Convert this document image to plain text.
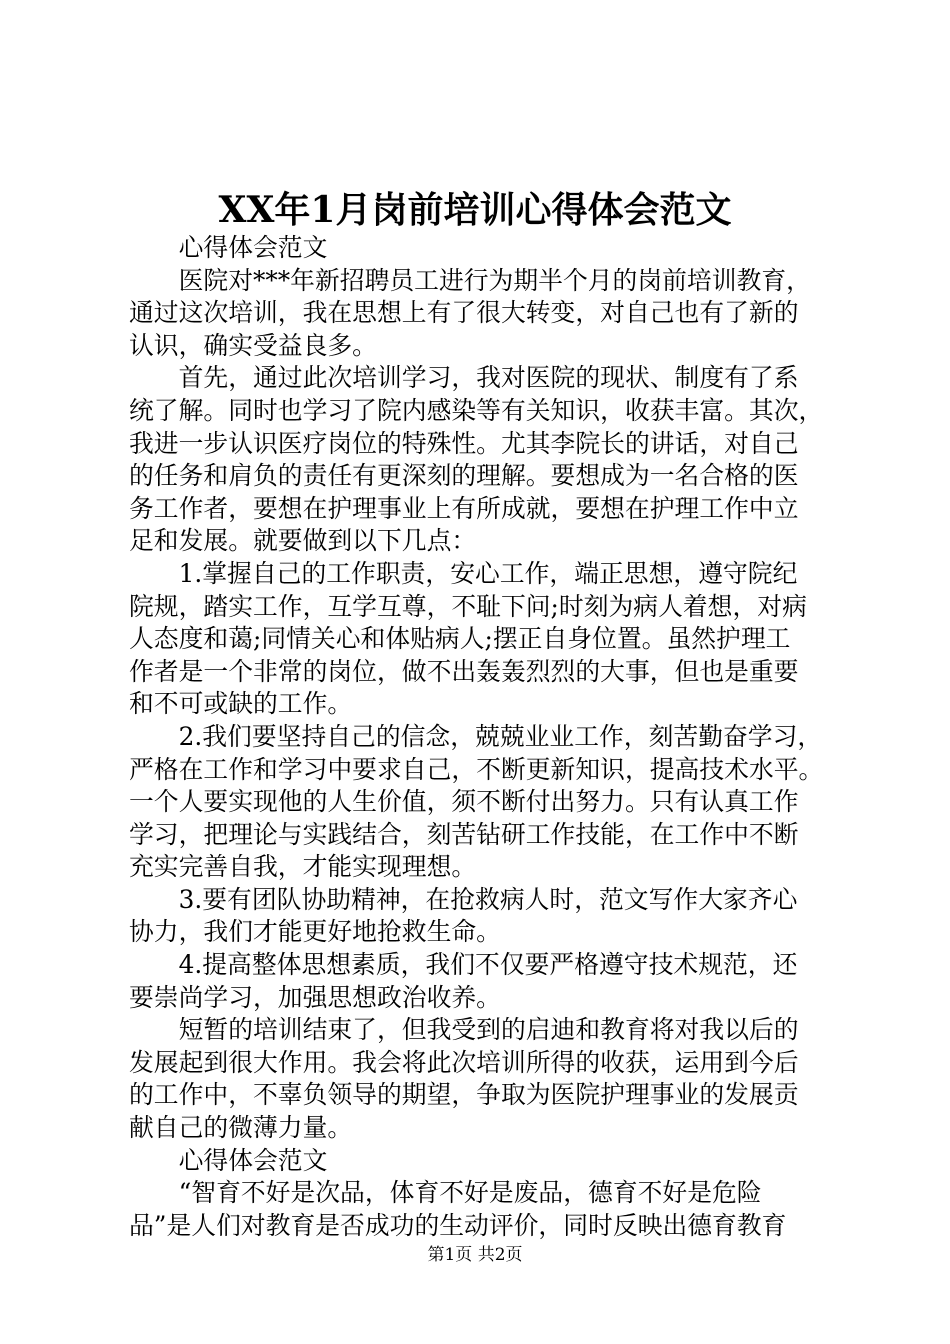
XX年1月岗前培训心得体会范文
　　心得体会范文
　　医院对***年新招聘员工进行为期半个月的岗前培训教育，
通过这次培训，我在思想上有了很大转变，对自己也有了新的
认识，确实受益良多。
　　首先，通过此次培训学习，我对医院的现状、制度有了系
统了解。同时也学习了院内感染等有关知识，收获丰富。其次，
我进一步认识医疗岗位的特殊性。尤其李院长的讲话，对自己
的任务和肩负的责任有更深刻的理解。要想成为一名合格的医
务工作者，要想在护理事业上有所成就，要想在护理工作中立
足和发展。就要做到以下几点：
　　1.掌握自己的工作职责，安心工作，端正思想，遵守院纪
院规，踏实工作，互学互尊，不耻下问;时刻为病人着想，对病
人态度和蔼;同情关心和体贴病人;摆正自身位置。虽然护理工
作者是一个非常的岗位，做不出轰轰烈烈的大事，但也是重要
和不可或缺的工作。
　　2.我们要坚持自己的信念，兢兢业业工作，刻苦勤奋学习，
严格在工作和学习中要求自己，不断更新知识，提高技术水平。
一个人要实现他的人生价值，须不断付出努力。只有认真工作
学习，把理论与实践结合，刻苦钻研工作技能，在工作中不断
充实完善自我，才能实现理想。
　　3.要有团队协助精神，在抢救病人时，范文写作大家齐心
协力，我们才能更好地抢救生命。
　　4.提高整体思想素质，我们不仅要严格遵守技术规范，还
要崇尚学习，加强思想政治收养。
　　短暂的培训结束了，但我受到的启迪和教育将对我以后的
发展起到很大作用。我会将此次培训所得的收获，运用到今后
的工作中，不辜负领导的期望，争取为医院护理事业的发展贡
献自己的微薄力量。
　　心得体会范文
　　“智育不好是次品，体育不好是废品，德育不好是危险
品”是人们对教育是否成功的生动评价，同时反映出德育教育
第1页 共2页
